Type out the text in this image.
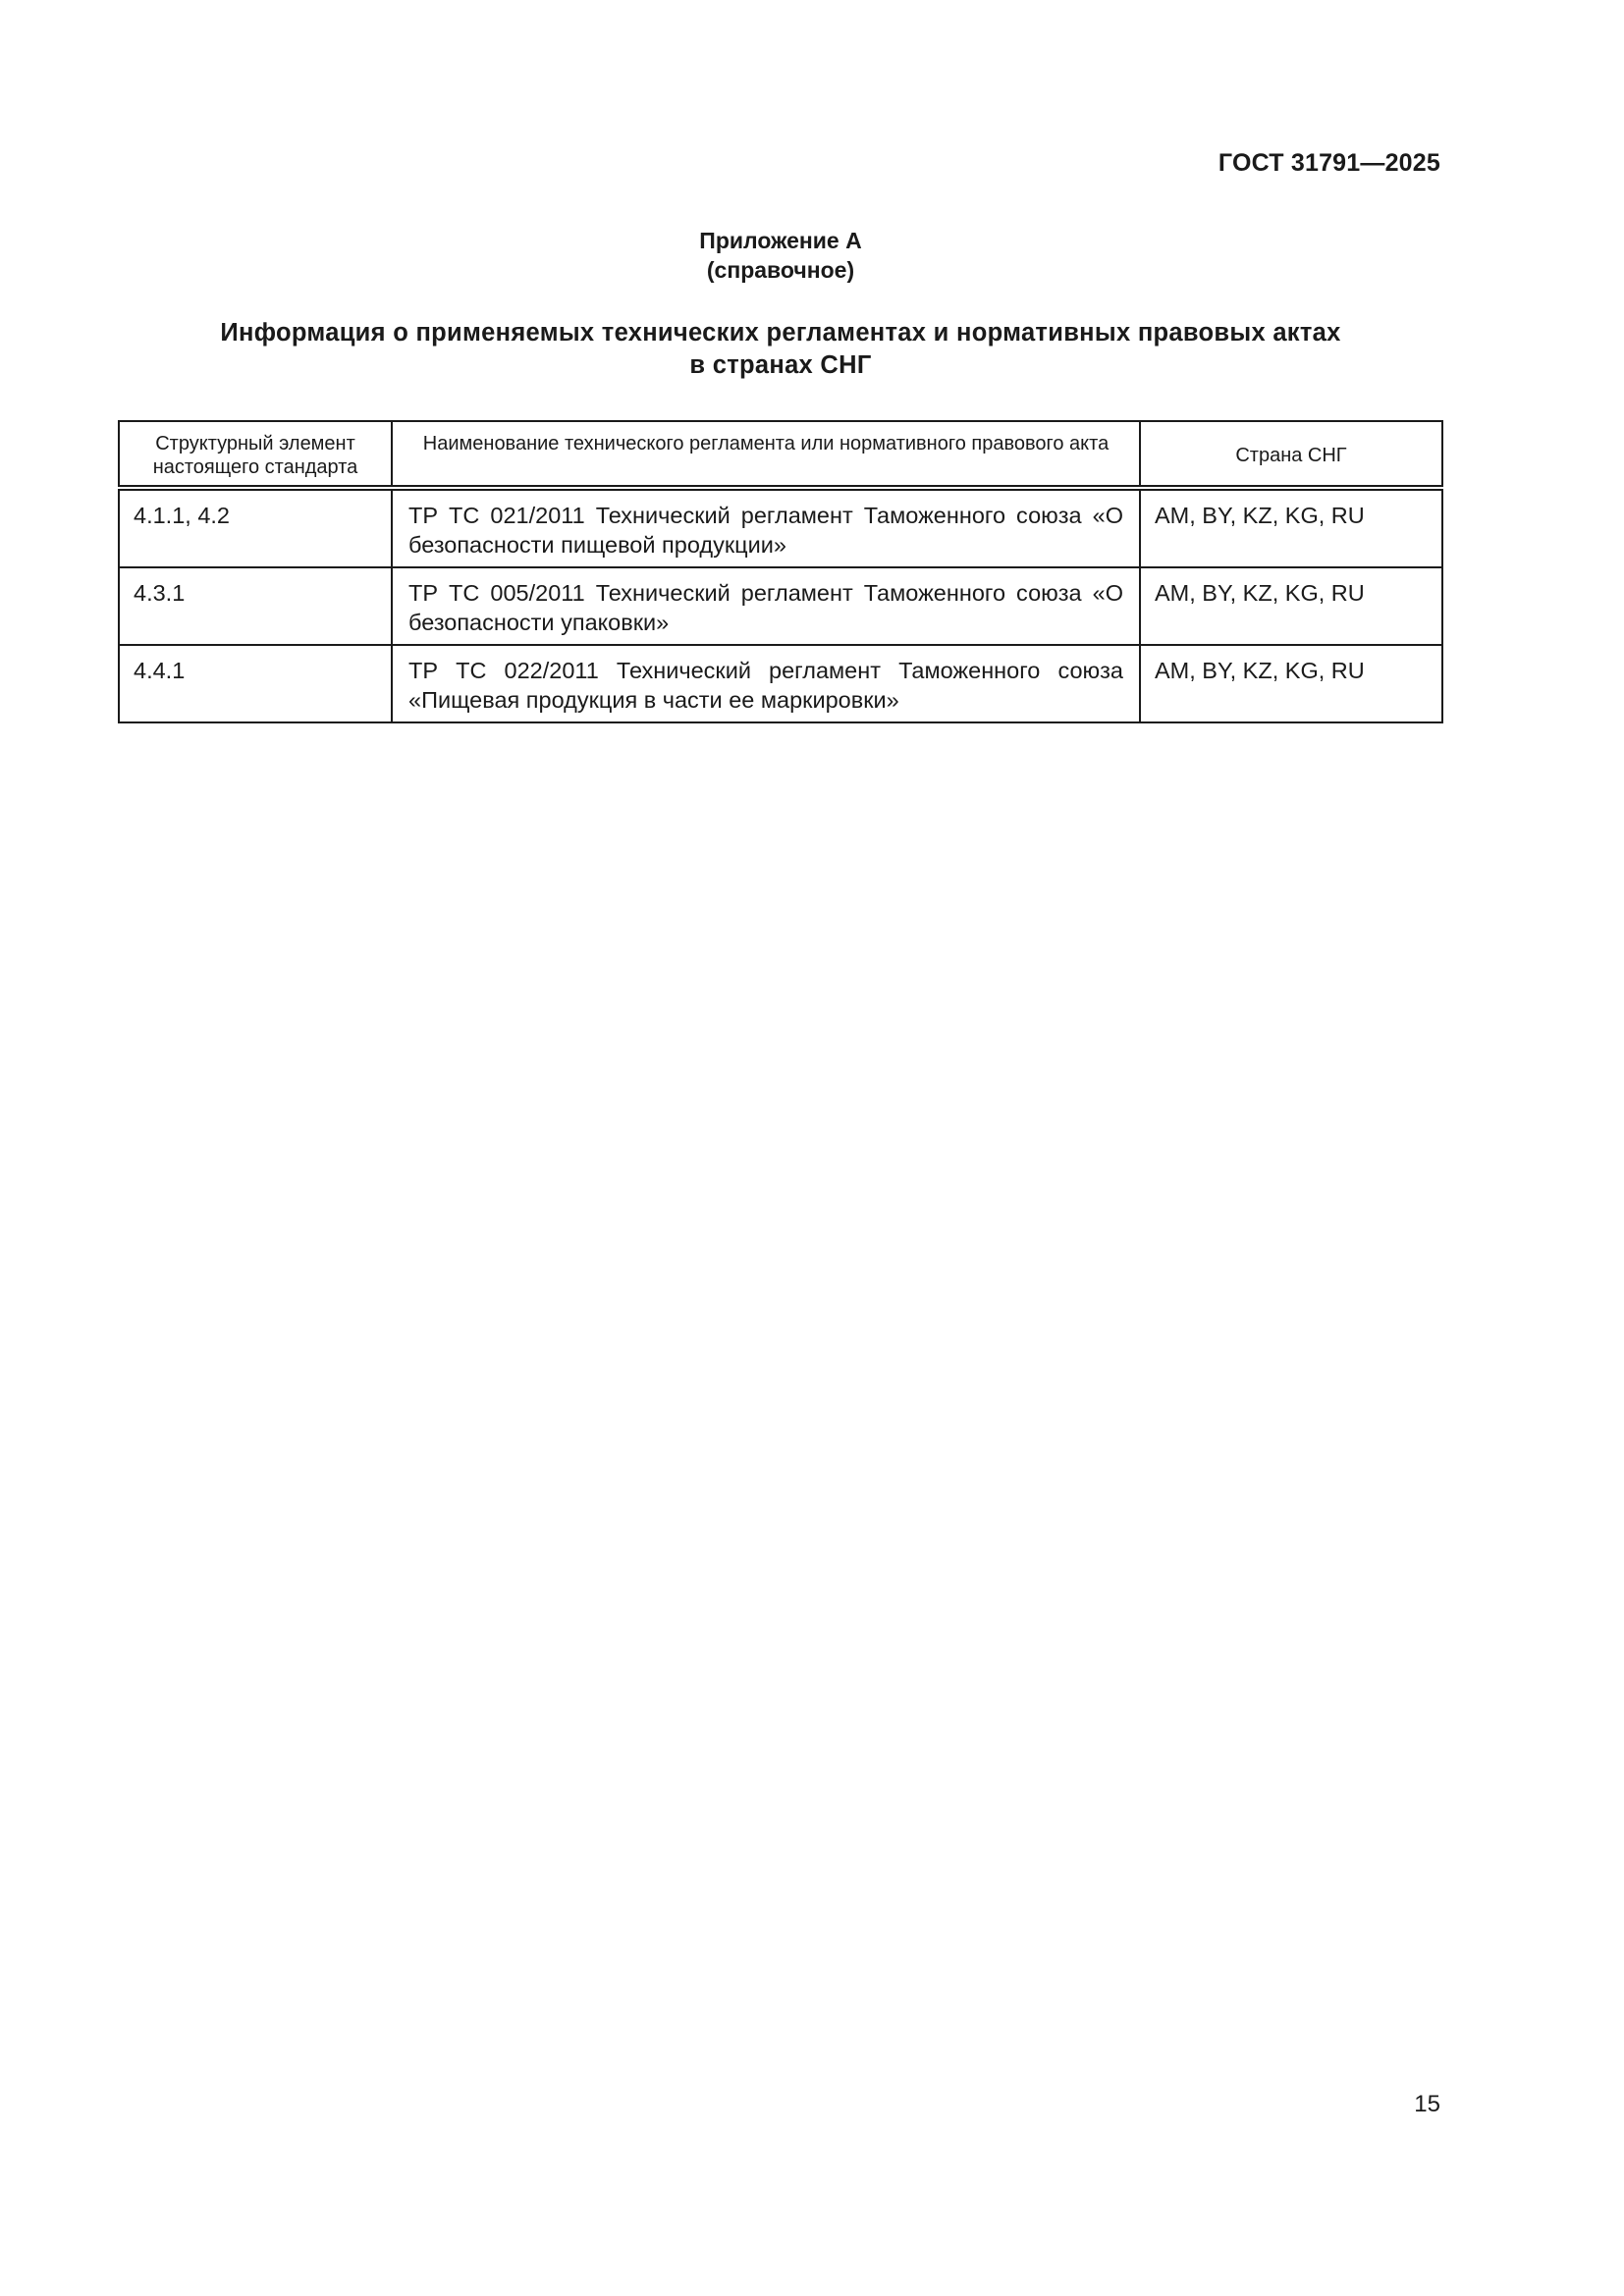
ГОСТ 31791—2025
Приложение А
(справочное)
Информация о применяемых технических регламентах и нормативных правовых актах
в странах СНГ
Структурный элемент настоящего стандарта	Наименование технического регламента или нормативного правового акта	Страна СНГ
4.1.1, 4.2	ТР ТС 021/2011 Технический регламент Таможенного союза «О безопасности пищевой продукции»	AM, BY, KZ, KG, RU
4.3.1	ТР ТС 005/2011 Технический регламент Таможенного союза «О безопасности упаковки»	AM, BY, KZ, KG, RU
4.4.1	ТР ТС 022/2011 Технический регламент Таможенного союза «Пищевая продукция в части ее маркировки»	AM, BY, KZ, KG, RU
15
